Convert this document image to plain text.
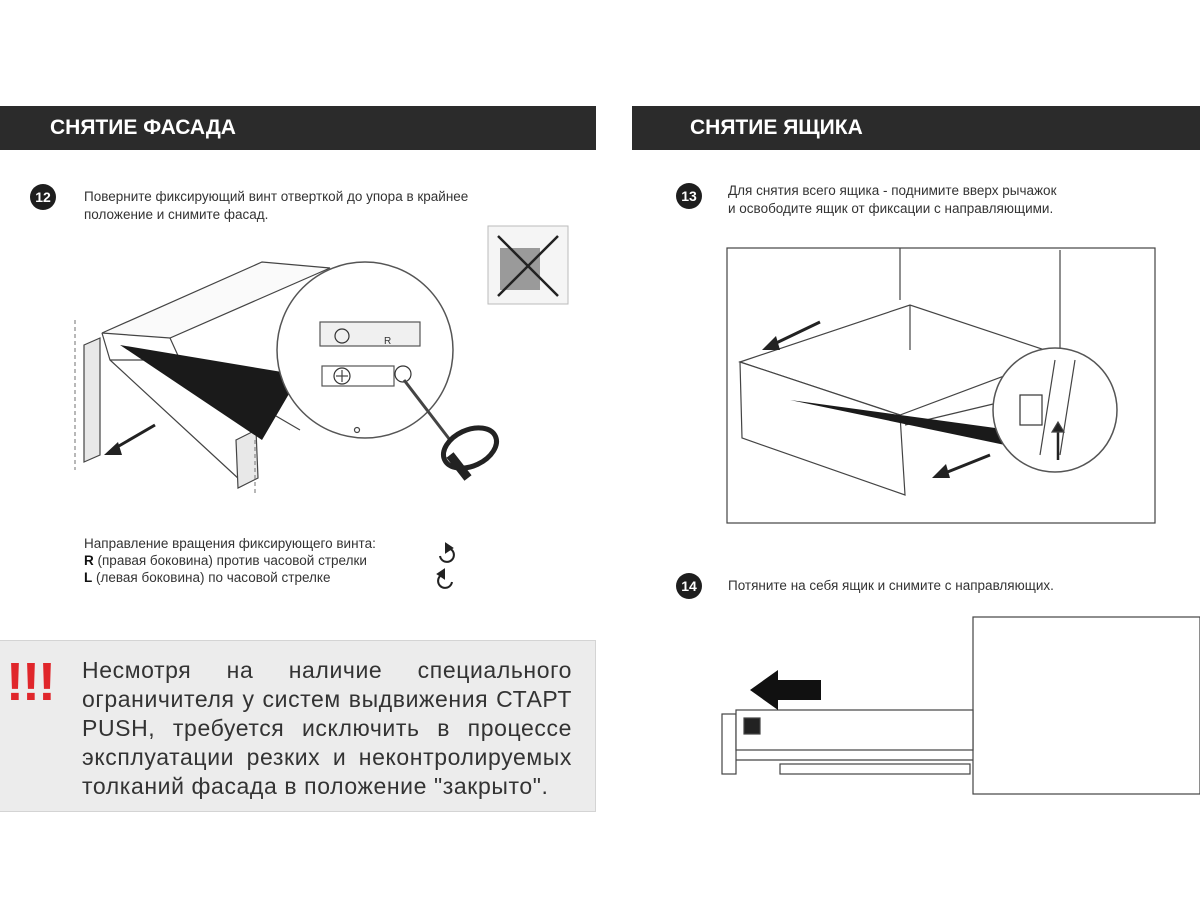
СНЯТИЕ ФАСАДА	СНЯТИЕ ЯЩИКА
12	Поверните фиксирующий винт отверткой до упора в крайнее
положение и снимите фасад.
13	Для снятия всего ящика - поднимите вверх рычажок
и освободите ящик от фиксации с направляющими.
14	Потяните на себя ящик и снимите с направляющих.
Направление вращения фиксирующего винта:
R (правая боковина) против часовой стрелки
L (левая боковина) по часовой стрелке
!!! Несмотря на наличие специального ограничителя у систем выдвижения СТАРТ PUSH, требуется исключить в процессе эксплуатации резких и неконтролируемых толканий фасада в положение "закрыто".
R
